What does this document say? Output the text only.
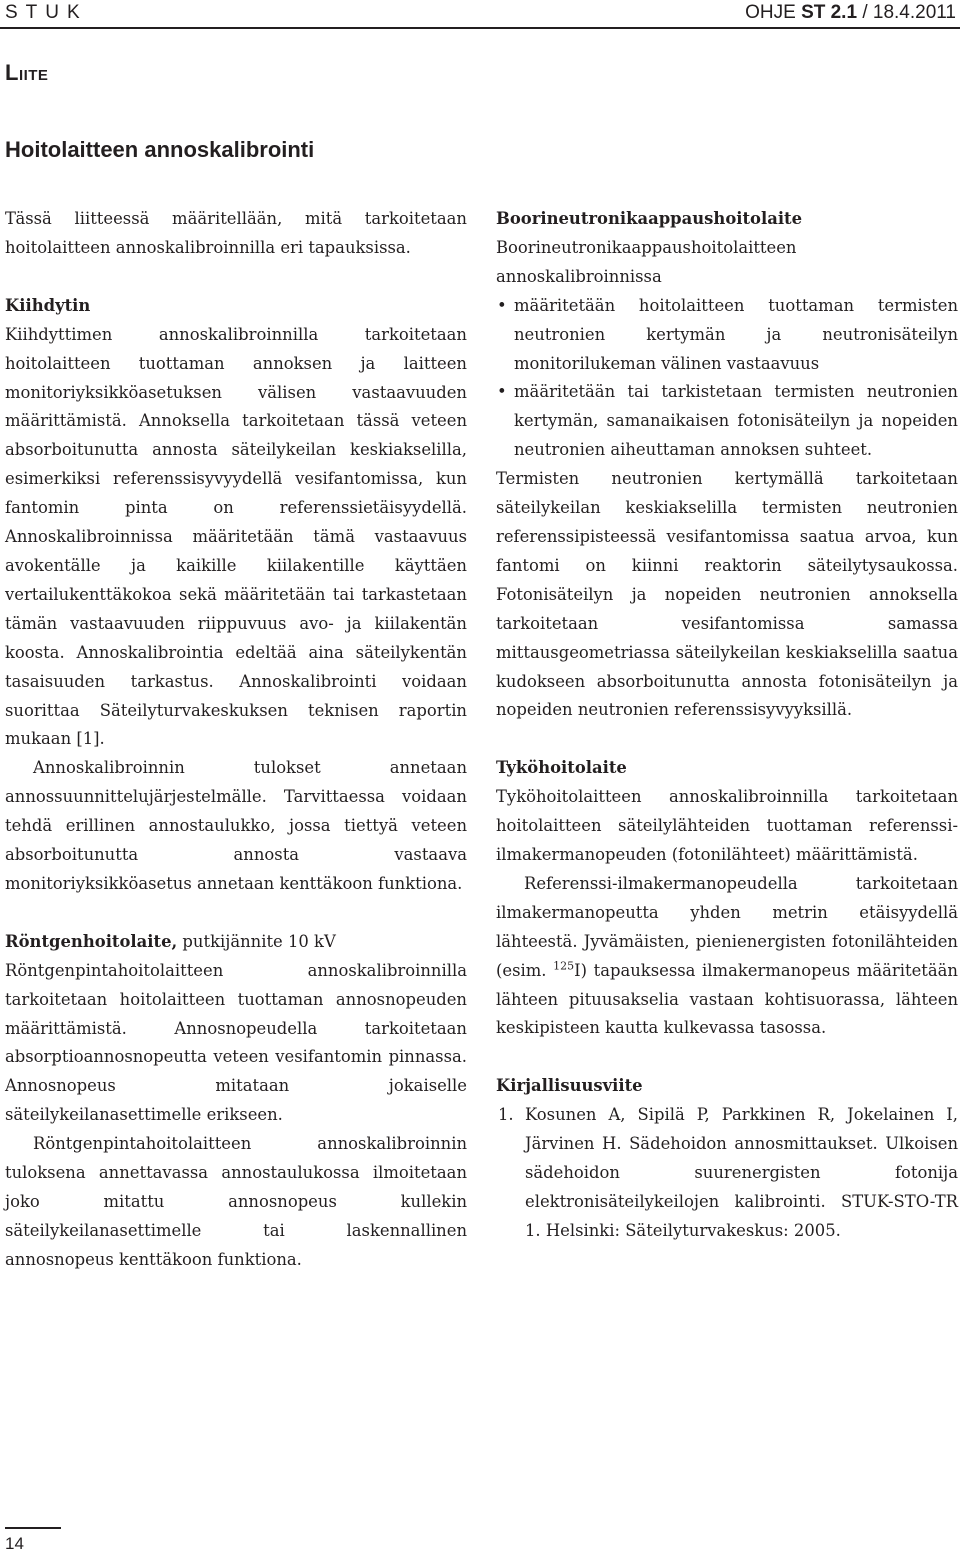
STUK	OHJE ST 2.1 / 18.4.2011
Liite
Hoitolaitteen annoskalibrointi

Tässä liitteessä määritellään, mitä tarkoitetaan hoitolaitteen annoskalibroinnilla eri tapauksissa.

Kiihdytin

Kiihdyttimen annoskalibroinnilla tarkoitetaan hoitolaitteen tuottaman annoksen ja laitteen monitoriyksikköasetuksen välisen vastaavuuden määrittämistä. Annoksella tarkoitetaan tässä veteen absorboitunutta annosta säteilykeilan keskiakselilla, esimerkiksi referenssisyvyydellä vesifantomissa, kun fantomin pinta on referenssietäisyydellä. Annoskalibroinnissa määritetään tämä vastaavuus avokentälle ja kaikille kiilakentille käyttäen vertailukenttäkokoa sekä määritetään tai tarkastetaan tämän vastaavuuden riippuvuus avo- ja kiilakentän koosta. Annoskalibrointia edeltää aina säteilykentän tasaisuuden tarkastus. Annoskalibrointi voidaan suorittaa Säteilyturvakeskuksen teknisen raportin mukaan [1].

Annoskalibroinnin tulokset annetaan annossuunnittelujärjestelmälle. Tarvittaessa voidaan tehdä erillinen annostaulukko, jossa tiettyä veteen absorboitunutta annosta vastaava monitoriyksikköasetus annetaan kenttäkoon funktiona.

Röntgenhoitolaite, putkijännite 10 kV

Röntgenpintahoitolaitteen annoskalibroinnilla tarkoitetaan hoitolaitteen tuottaman annosnopeuden määrittämistä. Annosnopeudella tarkoitetaan absorptioannosnopeutta veteen vesifantomin pinnassa. Annosnopeus mitataan jokaiselle säteilykeilanasettimelle erikseen.

Röntgenpintahoitolaitteen annoskalibroinnin tuloksena annettavassa annostaulukossa ilmoitetaan joko mitattu annosnopeus kullekin säteilykeilanasettimelle tai laskennallinen annosnopeus kenttäkoon funktiona.

Boorineutronikaappaushoitolaite

Boorineutronikaappaushoitolaitteen annoskalibroinnissa

• määritetään hoitolaitteen tuottaman termisten neutronien kertymän ja neutronisäteilyn monitorilukeman välinen vastaavuus
• määritetään tai tarkistetaan termisten neutronien kertymän, samanaikaisen fotonisäteilyn ja nopeiden neutronien aiheuttaman annoksen suhteet.

Termisten neutronien kertymällä tarkoitetaan säteilykeilan keskiakselilla termisten neutronien referenssipisteessä vesifantomissa saatua arvoa, kun fantomi on kiinni reaktorin säteilytysaukossa. Fotonisäteilyn ja nopeiden neutronien annoksella tarkoitetaan vesifantomissa samassa mittausgeometriassa säteilykeilan keskiakselilla saatua kudokseen absorboitunutta annosta fotonisäteilyn ja nopeiden neutronien referenssisyvyyksillä.

Tyköhoitolaite

Tyköhoitolaitteen annoskalibroinnilla tarkoitetaan hoitolaitteen säteilylähteiden tuottaman referenssi-ilmakermanopeuden (fotonilähteet) määrittämistä.

Referenssi-ilmakermanopeudella tarkoitetaan ilmakermanopeutta yhden metrin etäisyydellä lähteestä. Jyvämäisten, pienienergisten fotonilähteiden (esim. $^{125}$I) tapauksessa ilmakermanopeus määritetään lähteen pituusakselia vastaan kohtisuorassa, lähteen keskipisteen kautta kulkevassa tasossa.

Kirjallisuusviite

1. Kosunen A, Sipilä P, Parkkinen R, Jokelainen I, Järvinen H. Sädehoidon annosmittaukset. Ulkoisen sädehoidon suurenergisten fotonija elektronisäteilykeilojen kalibrointi. STUK-STO-TR 1. Helsinki: Säteilyturvakeskus: 2005.
14
